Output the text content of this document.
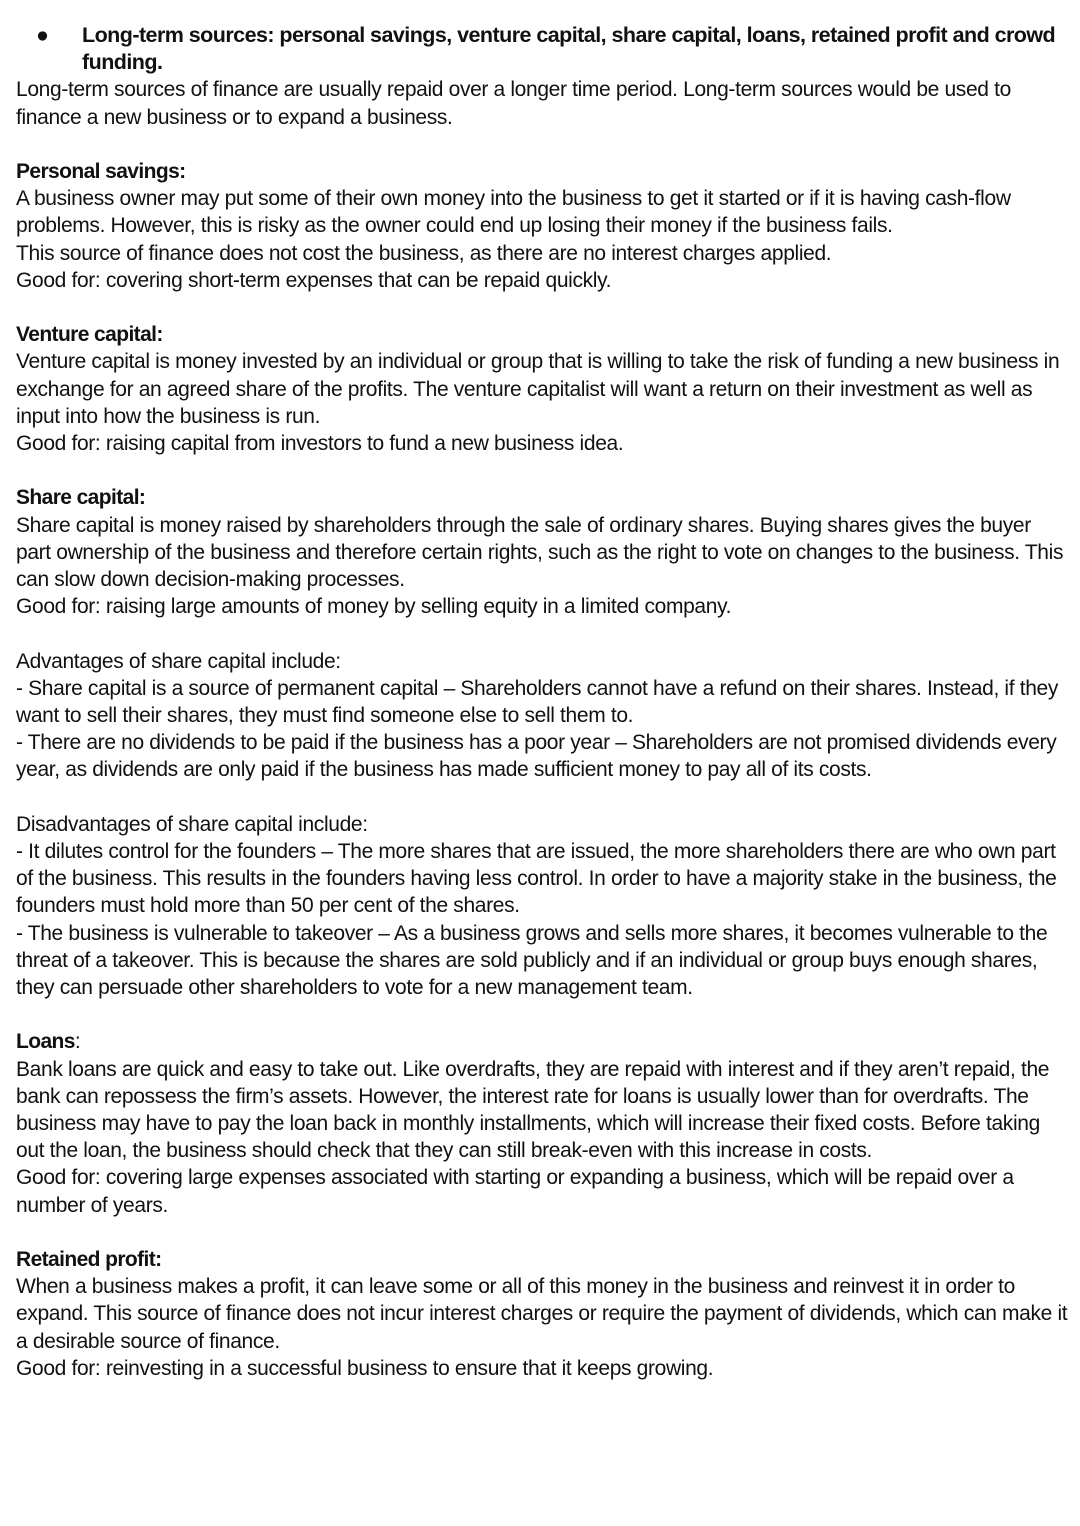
● Long-term sources: personal savings, venture capital, share capital, loans, retained profit and crowd funding.

Long-term sources of finance are usually repaid over a longer time period. Long-term sources would be used to finance a new business or to expand a business.

Personal savings:

A business owner may put some of their own money into the business to get it started or if it is having cash-flow problems. However, this is risky as the owner could end up losing their money if the business fails.

This source of finance does not cost the business, as there are no interest charges applied.

Good for: covering short-term expenses that can be repaid quickly.

Venture capital:

Venture capital is money invested by an individual or group that is willing to take the risk of funding a new business in exchange for an agreed share of the profits. The venture capitalist will want a return on their investment as well as input into how the business is run.

Good for: raising capital from investors to fund a new business idea.

Share capital:

Share capital is money raised by shareholders through the sale of ordinary shares. Buying shares gives the buyer part ownership of the business and therefore certain rights, such as the right to vote on changes to the business. This can slow down decision-making processes.

Good for: raising large amounts of money by selling equity in a limited company.

Advantages of share capital include:

- Share capital is a source of permanent capital – Shareholders cannot have a refund on their shares. Instead, if they want to sell their shares, they must find someone else to sell them to.

- There are no dividends to be paid if the business has a poor year – Shareholders are not promised dividends every year, as dividends are only paid if the business has made sufficient money to pay all of its costs.

Disadvantages of share capital include:

- It dilutes control for the founders – The more shares that are issued, the more shareholders there are who own part of the business. This results in the founders having less control. In order to have a majority stake in the business, the founders must hold more than 50 per cent of the shares.

- The business is vulnerable to takeover – As a business grows and sells more shares, it becomes vulnerable to the threat of a takeover. This is because the shares are sold publicly and if an individual or group buys enough shares, they can persuade other shareholders to vote for a new management team.

Loans:

Bank loans are quick and easy to take out. Like overdrafts, they are repaid with interest and if they aren’t repaid, the bank can repossess the firm’s assets. However, the interest rate for loans is usually lower than for overdrafts. The business may have to pay the loan back in monthly installments, which will increase their fixed costs. Before taking out the loan, the business should check that they can still break-even with this increase in costs.

Good for: covering large expenses associated with starting or expanding a business, which will be repaid over a number of years.

Retained profit:

When a business makes a profit, it can leave some or all of this money in the business and reinvest it in order to expand. This source of finance does not incur interest charges or require the payment of dividends, which can make it a desirable source of finance.

Good for: reinvesting in a successful business to ensure that it keeps growing.
